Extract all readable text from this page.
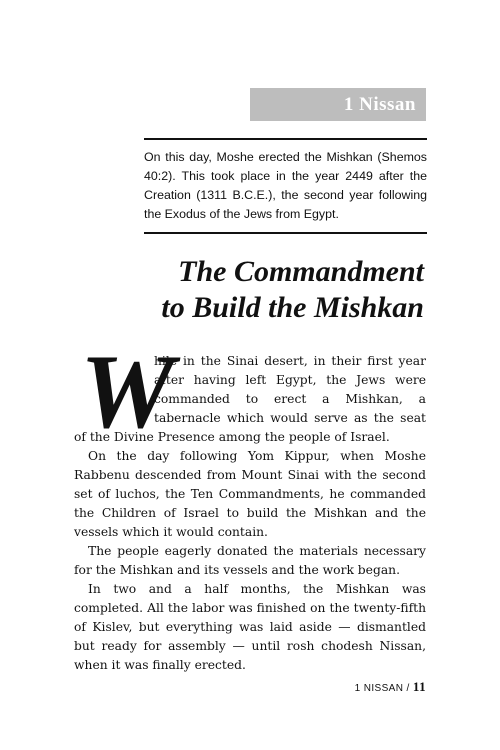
1 Nissan
On this day, Moshe erected the Mishkan (Shemos 40:2). This took place in the year 2449 after the Creation (1311 B.C.E.), the second year following the Exodus of the Jews from Egypt.
The Commandment
to Build the Mishkan
W

hile in the Sinai desert, in their first year after having left Egypt, the Jews were commanded to erect a Mishkan, a tabernacle which would serve as the seat of the Divine Presence among the people of Israel.

On the day following Yom Kippur, when Moshe Rabbenu descended from Mount Sinai with the second set of luchos, the Ten Commandments, he commanded the Children of Israel to build the Mishkan and the vessels which it would contain.

The people eagerly donated the materials necessary for the Mishkan and its vessels and the work began.

In two and a half months, the Mishkan was completed. All the labor was finished on the twenty-fifth of Kislev, but everything was laid aside — dismantled but ready for assembly — until rosh chodesh Nissan, when it was finally erected.

1 NISSAN / 11
